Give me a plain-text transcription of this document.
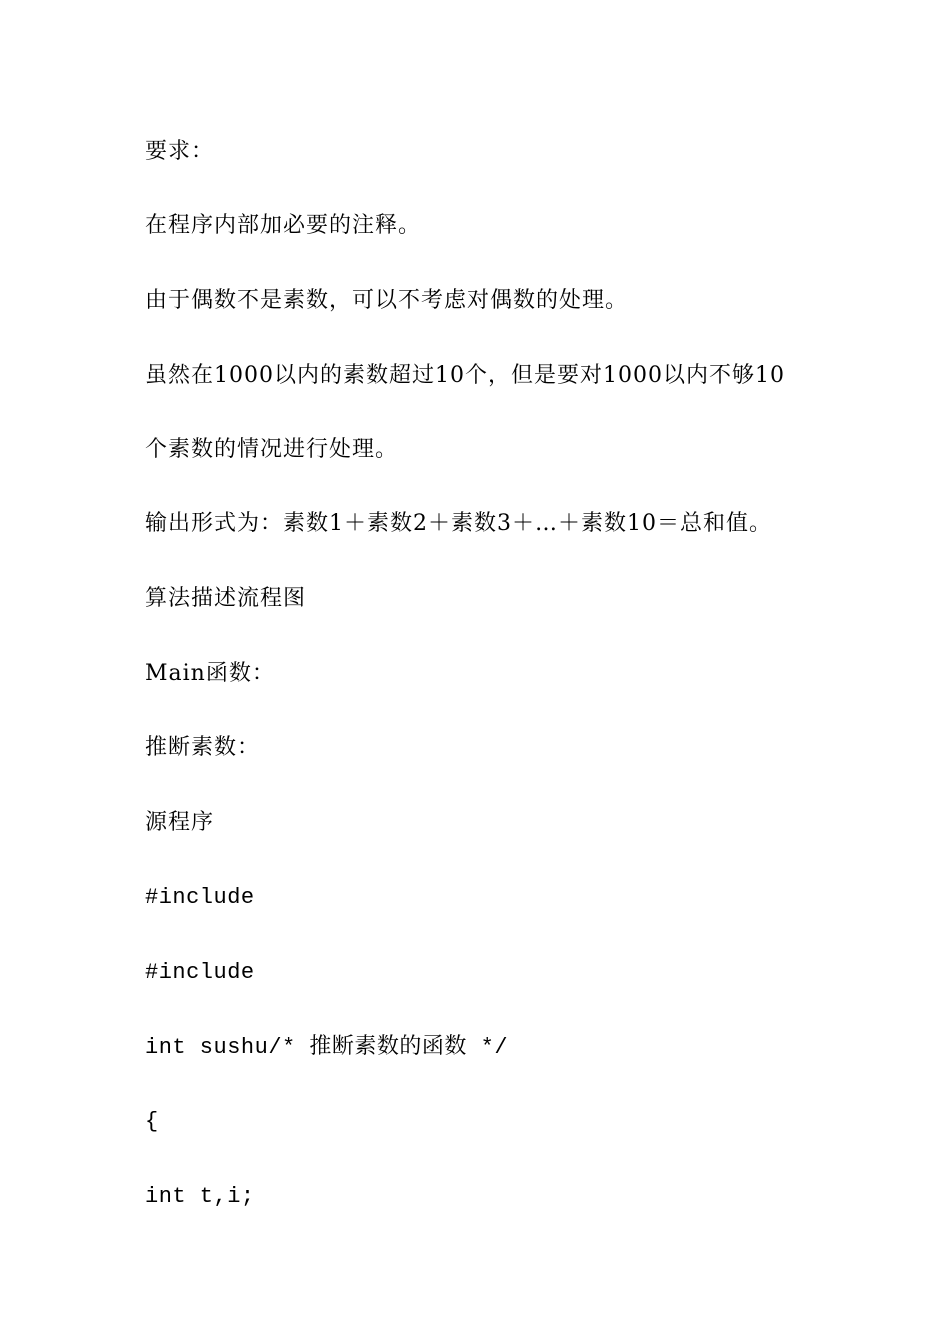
要求：
在程序内部加必要的注释。
由于偶数不是素数，可以不考虑对偶数的处理。
虽然在1000以内的素数超过10个，但是要对1000以内不够10
个素数的情况进行处理。
输出形式为：素数1＋素数2＋素数3＋…＋素数10＝总和值。
算法描述流程图
Main函数：
推断素数：
源程序
#include
#include
int sushu/* 推断素数的函数 */
{
int t,i;
